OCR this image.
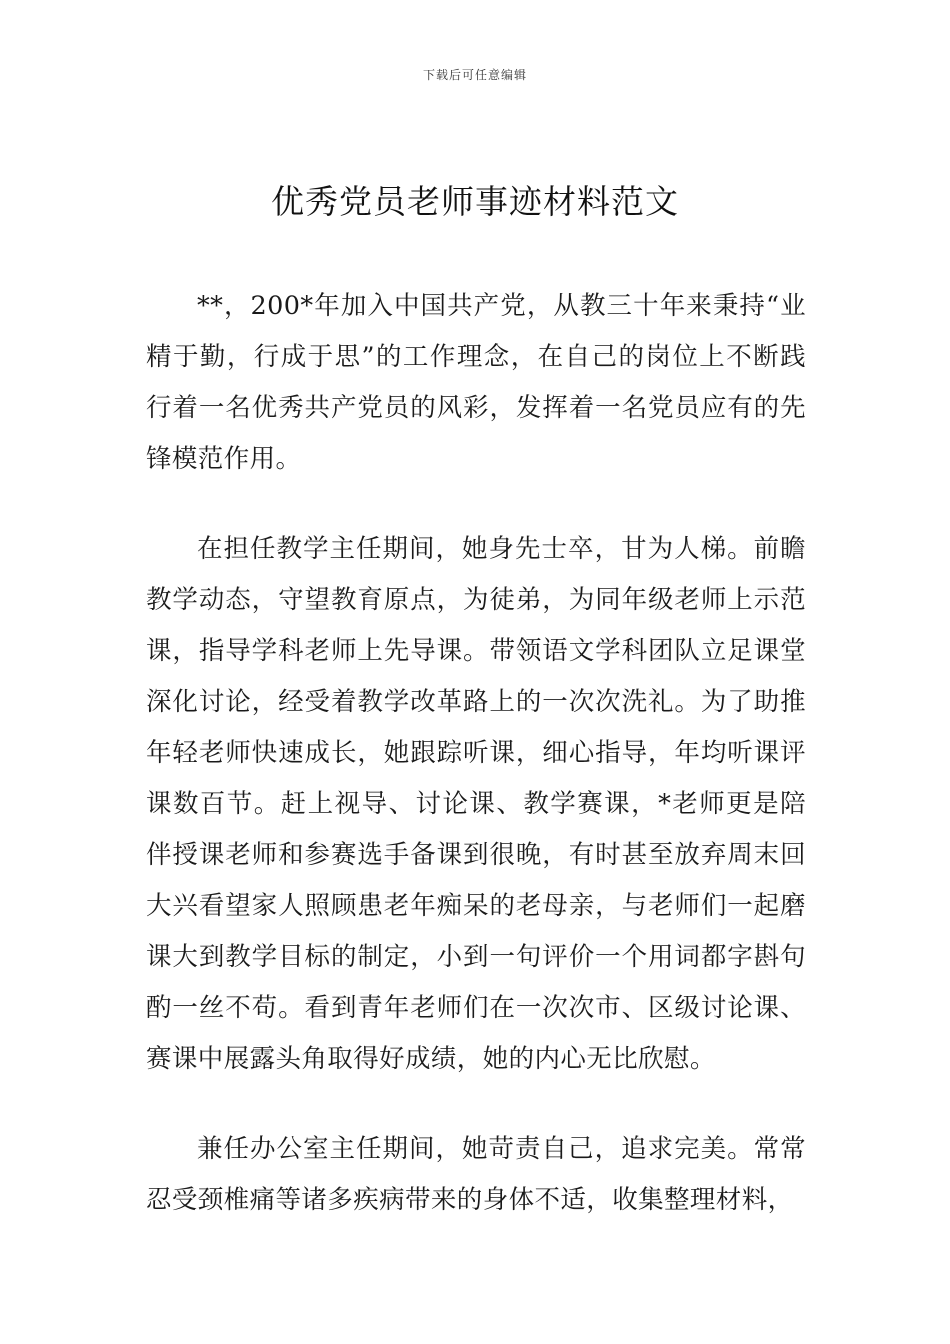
下载后可任意编辑
优秀党员老师事迹材料范文

**，200*年加入中国共产党，从教三十年来秉持“业精于勤，行成于思”的工作理念，在自己的岗位上不断践行着一名优秀共产党员的风彩，发挥着一名党员应有的先锋模范作用。

在担任教学主任期间，她身先士卒，甘为人梯。前瞻教学动态，守望教育原点，为徒弟，为同年级老师上示范课，指导学科老师上先导课。带领语文学科团队立足课堂深化讨论，经受着教学改革路上的一次次洗礼。为了助推年轻老师快速成长，她跟踪听课，细心指导，年均听课评课数百节。赶上视导、讨论课、教学赛课，*老师更是陪伴授课老师和参赛选手备课到很晚，有时甚至放弃周末回大兴看望家人照顾患老年痴呆的老母亲，与老师们一起磨课大到教学目标的制定，小到一句评价一个用词都字斟句酌一丝不苟。看到青年老师们在一次次市、区级讨论课、赛课中展露头角取得好成绩，她的内心无比欣慰。

兼任办公室主任期间，她苛责自己，追求完美。常常忍受颈椎痛等诸多疾病带来的身体不适，收集整理材料，
